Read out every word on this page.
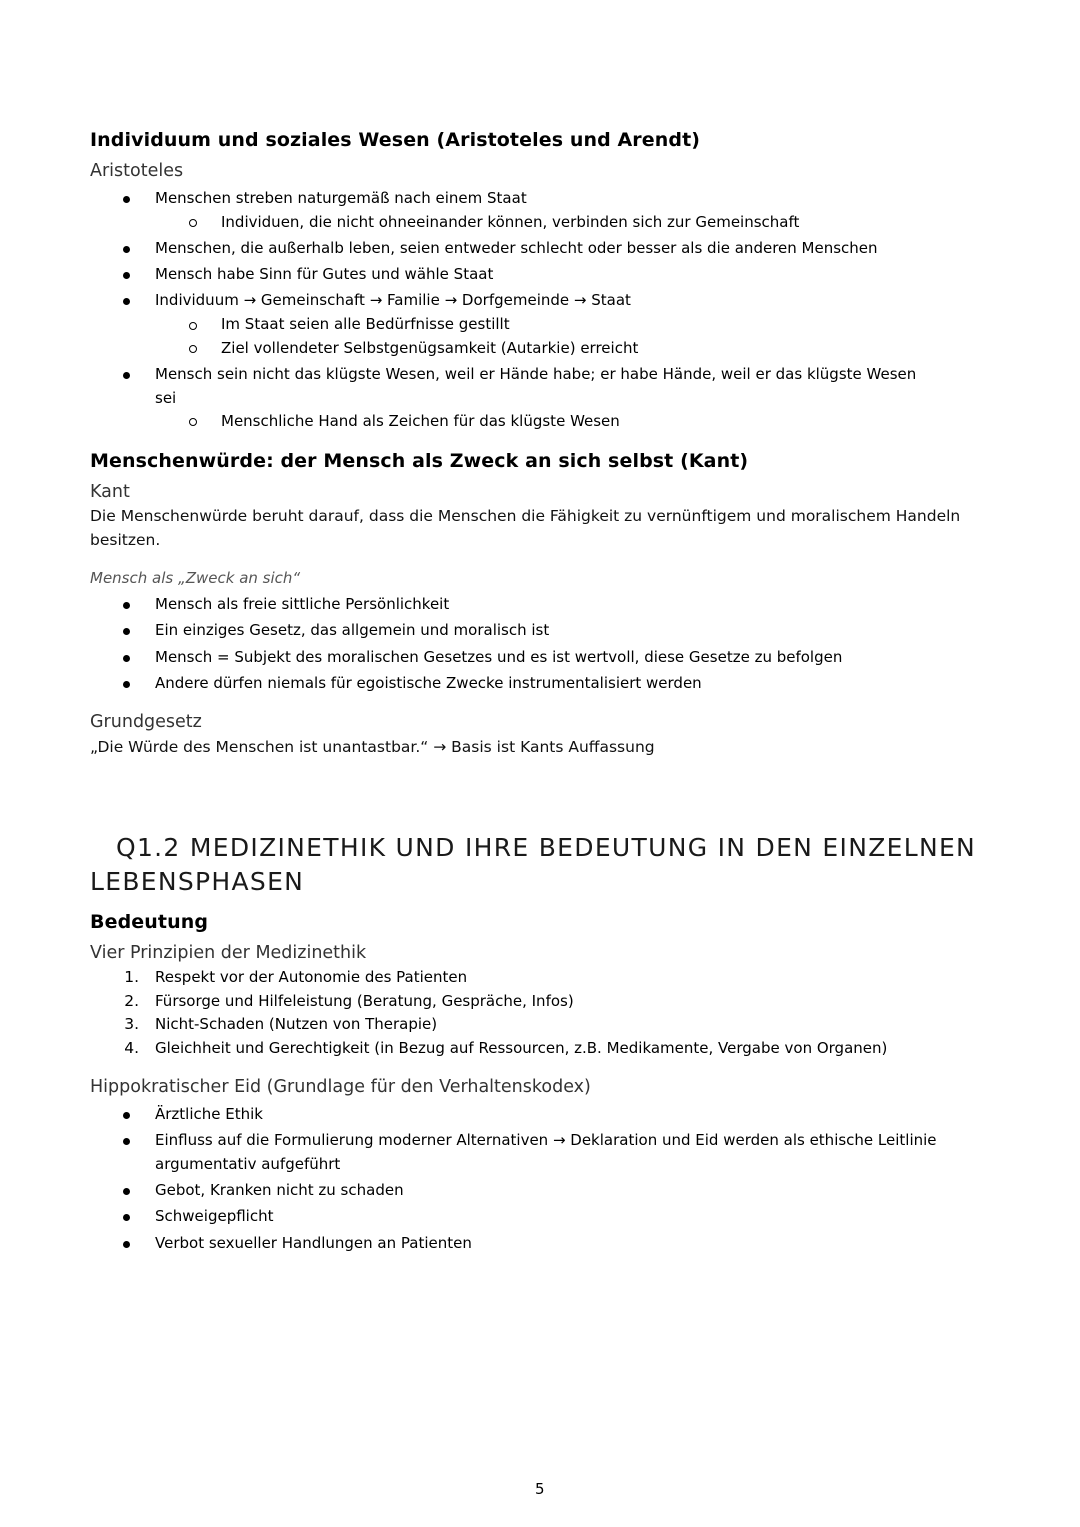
Individuum und soziales Wesen (Aristoteles und Arendt)
Aristoteles
Menschen streben naturgemäß nach einem Staat
Individuen, die nicht ohneeinander können, verbinden sich zur Gemeinschaft
Menschen, die außerhalb leben, seien entweder schlecht oder besser als die anderen Menschen
Mensch habe Sinn für Gutes und wähle Staat
Individuum → Gemeinschaft → Familie → Dorfgemeinde → Staat
Im Staat seien alle Bedürfnisse gestillt
Ziel vollendeter Selbstgenügsamkeit (Autarkie) erreicht
Mensch sein nicht das klügste Wesen, weil er Hände habe; er habe Hände, weil er das klügste Wesen
sei
Menschliche Hand als Zeichen für das klügste Wesen
Menschenwürde: der Mensch als Zweck an sich selbst (Kant)
Kant
Die Menschenwürde beruht darauf, dass die Menschen die Fähigkeit zu vernünftigem und moralischem Handeln
besitzen.
Mensch als „Zweck an sich“
Mensch als freie sittliche Persönlichkeit
Ein einziges Gesetz, das allgemein und moralisch ist
Mensch = Subjekt des moralischen Gesetzes und es ist wertvoll, diese Gesetze zu befolgen
Andere dürfen niemals für egoistische Zwecke instrumentalisiert werden
Grundgesetz
„Die Würde des Menschen ist unantastbar.“ → Basis ist Kants Auffassung
Q1.2 MEDIZINETHIK UND IHRE BEDEUTUNG IN DEN EINZELNEN
LEBENSPHASEN
Bedeutung
Vier Prinzipien der Medizinethik
1. Respekt vor der Autonomie des Patienten
2. Fürsorge und Hilfeleistung (Beratung, Gespräche, Infos)
3. Nicht-Schaden (Nutzen von Therapie)
4. Gleichheit und Gerechtigkeit (in Bezug auf Ressourcen, z.B. Medikamente, Vergabe von Organen)
Hippokratischer Eid (Grundlage für den Verhaltenskodex)
Ärztliche Ethik
Einfluss auf die Formulierung moderner Alternativen → Deklaration und Eid werden als ethische Leitlinie
argumentativ aufgeführt
Gebot, Kranken nicht zu schaden
Schweigepflicht
Verbot sexueller Handlungen an Patienten
5
